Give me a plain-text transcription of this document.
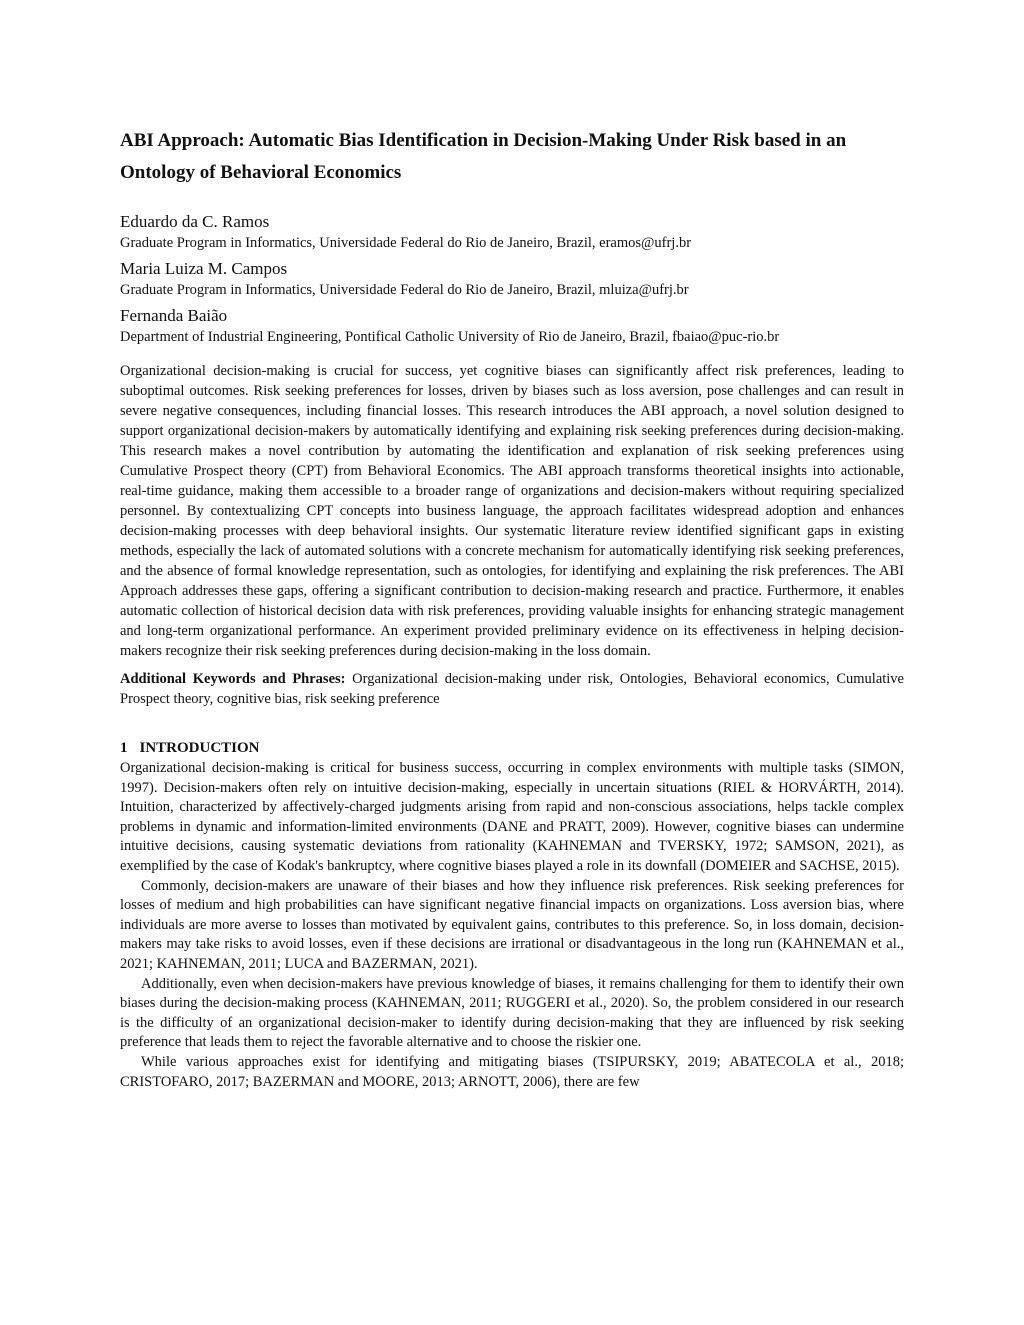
ABI Approach: Automatic Bias Identification in Decision-Making Under Risk based in an Ontology of Behavioral Economics
Eduardo da C. Ramos
Graduate Program in Informatics, Universidade Federal do Rio de Janeiro, Brazil, eramos@ufrj.br
Maria Luiza M. Campos
Graduate Program in Informatics, Universidade Federal do Rio de Janeiro, Brazil, mluiza@ufrj.br
Fernanda Baião
Department of Industrial Engineering, Pontifical Catholic University of Rio de Janeiro, Brazil, fbaiao@puc-rio.br
Organizational decision-making is crucial for success, yet cognitive biases can significantly affect risk preferences, leading to suboptimal outcomes. Risk seeking preferences for losses, driven by biases such as loss aversion, pose challenges and can result in severe negative consequences, including financial losses. This research introduces the ABI approach, a novel solution designed to support organizational decision-makers by automatically identifying and explaining risk seeking preferences during decision-making. This research makes a novel contribution by automating the identification and explanation of risk seeking preferences using Cumulative Prospect theory (CPT) from Behavioral Economics. The ABI approach transforms theoretical insights into actionable, real-time guidance, making them accessible to a broader range of organizations and decision-makers without requiring specialized personnel. By contextualizing CPT concepts into business language, the approach facilitates widespread adoption and enhances decision-making processes with deep behavioral insights. Our systematic literature review identified significant gaps in existing methods, especially the lack of automated solutions with a concrete mechanism for automatically identifying risk seeking preferences, and the absence of formal knowledge representation, such as ontologies, for identifying and explaining the risk preferences. The ABI Approach addresses these gaps, offering a significant contribution to decision-making research and practice. Furthermore, it enables automatic collection of historical decision data with risk preferences, providing valuable insights for enhancing strategic management and long-term organizational performance. An experiment provided preliminary evidence on its effectiveness in helping decision-makers recognize their risk seeking preferences during decision-making in the loss domain.
Additional Keywords and Phrases: Organizational decision-making under risk, Ontologies, Behavioral economics, Cumulative Prospect theory, cognitive bias, risk seeking preference
1 INTRODUCTION

Organizational decision-making is critical for business success, occurring in complex environments with multiple tasks (SIMON, 1997). Decision-makers often rely on intuitive decision-making, especially in uncertain situations (RIEL & HORVÁRTH, 2014). Intuition, characterized by affectively-charged judgments arising from rapid and non-conscious associations, helps tackle complex problems in dynamic and information-limited environments (DANE and PRATT, 2009). However, cognitive biases can undermine intuitive decisions, causing systematic deviations from rationality (KAHNEMAN and TVERSKY, 1972; SAMSON, 2021), as exemplified by the case of Kodak's bankruptcy, where cognitive biases played a role in its downfall (DOMEIER and SACHSE, 2015).

Commonly, decision-makers are unaware of their biases and how they influence risk preferences. Risk seeking preferences for losses of medium and high probabilities can have significant negative financial impacts on organizations. Loss aversion bias, where individuals are more averse to losses than motivated by equivalent gains, contributes to this preference. So, in loss domain, decision-makers may take risks to avoid losses, even if these decisions are irrational or disadvantageous in the long run (KAHNEMAN et al., 2021; KAHNEMAN, 2011; LUCA and BAZERMAN, 2021).

Additionally, even when decision-makers have previous knowledge of biases, it remains challenging for them to identify their own biases during the decision-making process (KAHNEMAN, 2011; RUGGERI et al., 2020). So, the problem considered in our research is the difficulty of an organizational decision-maker to identify during decision-making that they are influenced by risk seeking preference that leads them to reject the favorable alternative and to choose the riskier one.

While various approaches exist for identifying and mitigating biases (TSIPURSKY, 2019; ABATECOLA et al., 2018; CRISTOFARO, 2017; BAZERMAN and MOORE, 2013; ARNOTT, 2006), there are few
